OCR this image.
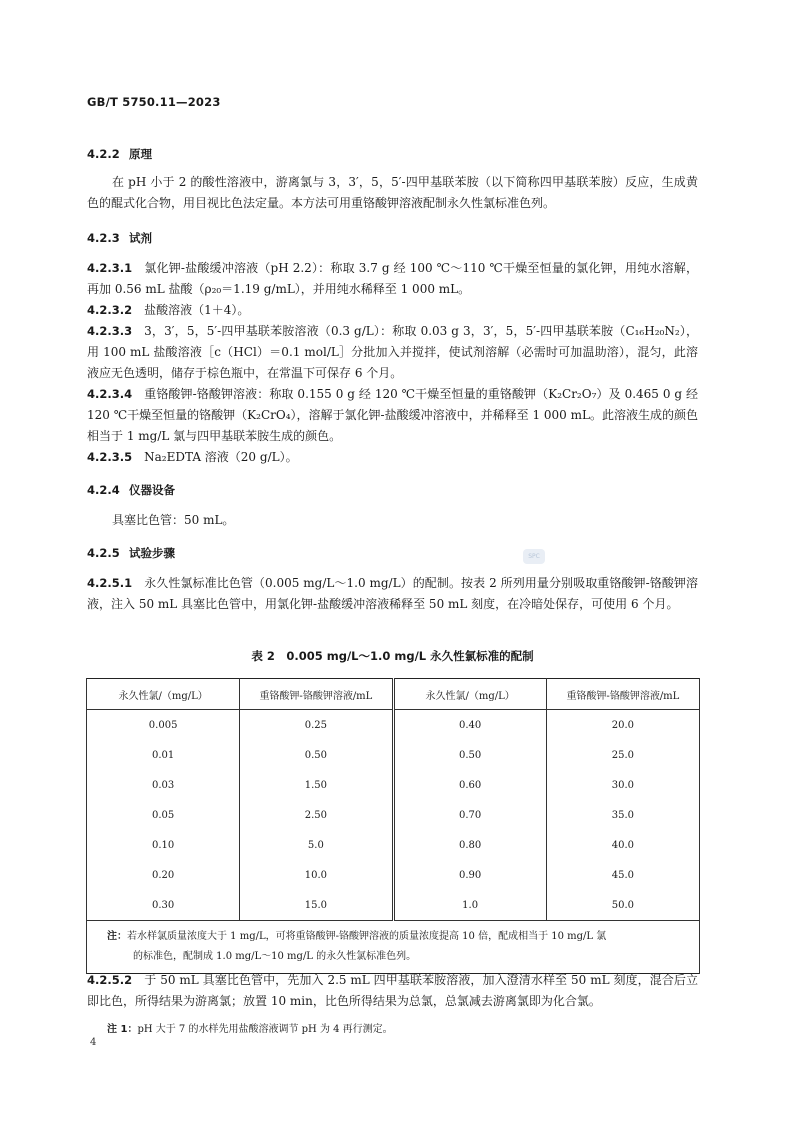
GB/T 5750.11—2023
4.2.2 原理
在 pH 小于 2 的酸性溶液中，游离氯与 3，3′，5，5′-四甲基联苯胺（以下简称四甲基联苯胺）反应，生成黄色的醌式化合物，用目视比色法定量。本方法可用重铬酸钾溶液配制永久性氯标准色列。
4.2.3 试剂
4.2.3.1 氯化钾-盐酸缓冲溶液（pH 2.2）：称取 3.7 g 经 100 ℃～110 ℃干燥至恒量的氯化钾，用纯水溶解，再加 0.56 mL 盐酸（ρ₂₀＝1.19 g/mL），并用纯水稀释至 1 000 mL。
4.2.3.2 盐酸溶液（1＋4）。
4.2.3.3 3，3′，5，5′-四甲基联苯胺溶液（0.3 g/L）：称取 0.03 g 3，3′，5，5′-四甲基联苯胺（C₁₆H₂₀N₂），用 100 mL 盐酸溶液［c（HCl）＝0.1 mol/L］分批加入并搅拌，使试剂溶解（必需时可加温助溶），混匀，此溶液应无色透明，储存于棕色瓶中，在常温下可保存 6 个月。
4.2.3.4 重铬酸钾-铬酸钾溶液：称取 0.155 0 g 经 120 ℃干燥至恒量的重铬酸钾（K₂Cr₂O₇）及 0.465 0 g 经 120 ℃干燥至恒量的铬酸钾（K₂CrO₄），溶解于氯化钾-盐酸缓冲溶液中，并稀释至 1 000 mL。此溶液生成的颜色相当于 1 mg/L 氯与四甲基联苯胺生成的颜色。
4.2.3.5 Na₂EDTA 溶液（20 g/L）。
4.2.4 仪器设备
具塞比色管：50 mL。
4.2.5 试验步骤	SPC
4.2.5.1 永久性氯标准比色管（0.005 mg/L～1.0 mg/L）的配制。按表 2 所列用量分别吸取重铬酸钾-铬酸钾溶液，注入 50 mL 具塞比色管中，用氯化钾-盐酸缓冲溶液稀释至 50 mL 刻度，在冷暗处保存，可使用 6 个月。
表 2　0.005 mg/L～1.0 mg/L 永久性氯标准的配制
永久性氯/（mg/L）	重铬酸钾-铬酸钾溶液/mL	永久性氯/（mg/L）	重铬酸钾-铬酸钾溶液/mL
0.005	0.25	0.40	20.0
0.01	0.50	0.50	25.0
0.03	1.50	0.60	30.0
0.05	2.50	0.70	35.0
0.10	5.0	0.80	40.0
0.20	10.0	0.90	45.0
0.30	15.0	1.0	50.0

注：若水样氯质量浓度大于 1 mg/L，可将重铬酸钾-铬酸钾溶液的质量浓度提高 10 倍，配成相当于 10 mg/L 氯
的标准色，配制成 1.0 mg/L～10 mg/L 的永久性氯标准色列。			
4.2.5.2 于 50 mL 具塞比色管中，先加入 2.5 mL 四甲基联苯胺溶液，加入澄清水样至 50 mL 刻度，混合后立即比色，所得结果为游离氯；放置 10 min，比色所得结果为总氯，总氯减去游离氯即为化合氯。
注 1：pH 大于 7 的水样先用盐酸溶液调节 pH 为 4 再行测定。
4
